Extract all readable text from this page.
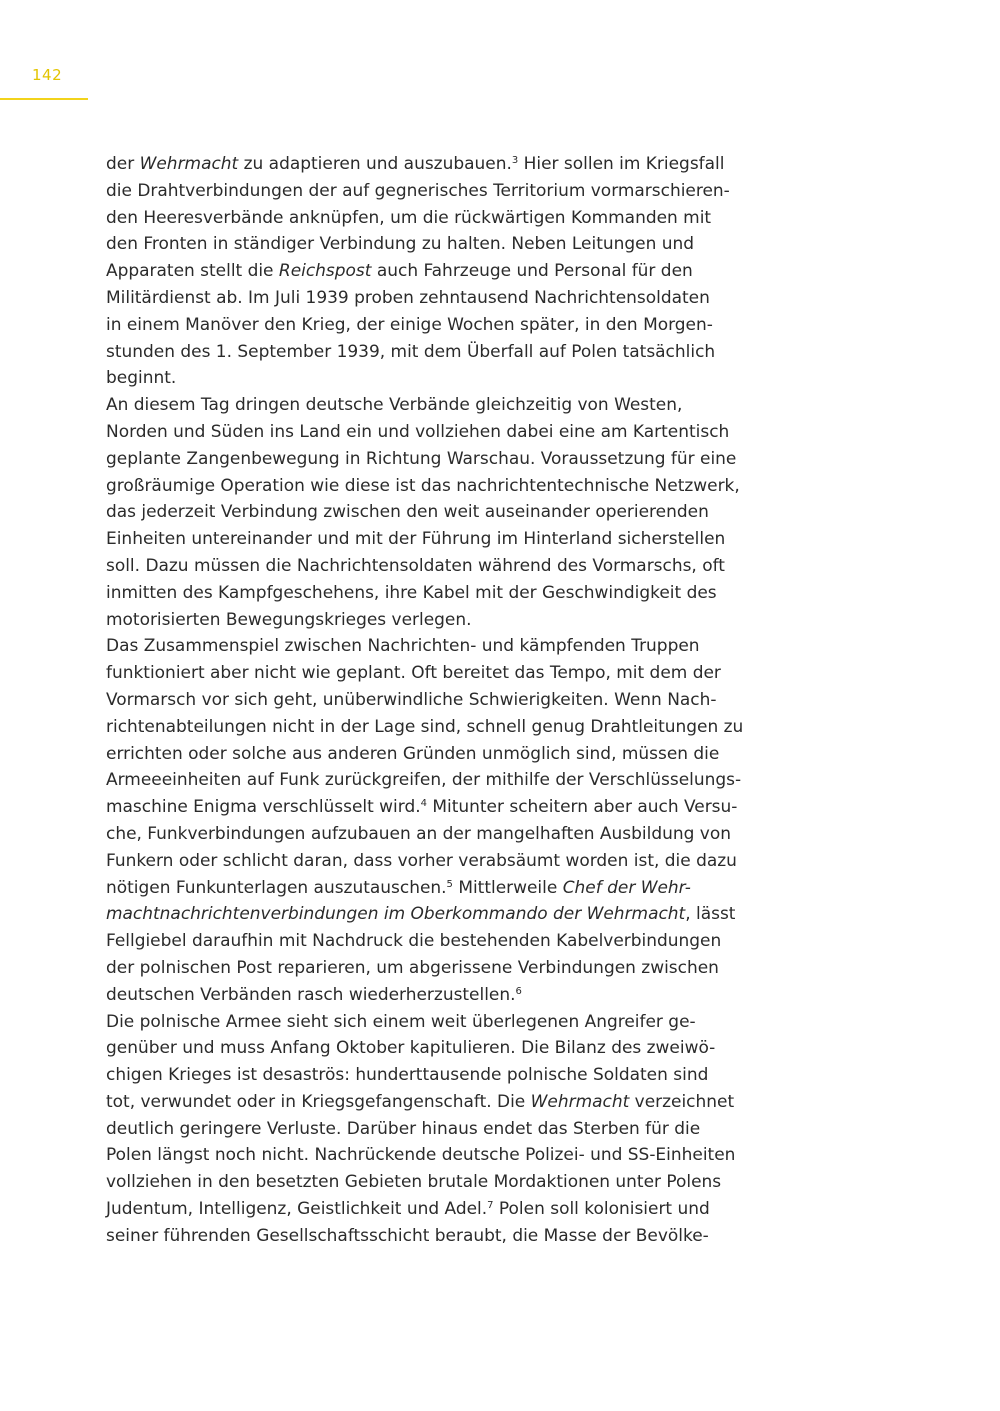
142
der Wehrmacht zu adaptieren und auszubauen.$^3$ Hier sollen im Kriegsfall
die Drahtverbindungen der auf gegnerisches Territorium vormarschieren-
den Heeresverbände anknüpfen, um die rückwärtigen Kommanden mit
den Fronten in ständiger Verbindung zu halten. Neben Leitungen und
Apparaten stellt die Reichspost auch Fahrzeuge und Personal für den
Militärdienst ab. Im Juli 1939 proben zehntausend Nachrichtensoldaten
in einem Manöver den Krieg, der einige Wochen später, in den Morgen-
stunden des 1. September 1939, mit dem Überfall auf Polen tatsächlich
beginnt.
An diesem Tag dringen deutsche Verbände gleichzeitig von Westen,
Norden und Süden ins Land ein und vollziehen dabei eine am Kartentisch
geplante Zangenbewegung in Richtung Warschau. Voraussetzung für eine
großräumige Operation wie diese ist das nachrichtentechnische Netzwerk,
das jederzeit Verbindung zwischen den weit auseinander operierenden
Einheiten untereinander und mit der Führung im Hinterland sicherstellen
soll. Dazu müssen die Nachrichtensoldaten während des Vormarschs, oft
inmitten des Kampfgeschehens, ihre Kabel mit der Geschwindigkeit des
motorisierten Bewegungskrieges verlegen.
Das Zusammenspiel zwischen Nachrichten- und kämpfenden Truppen
funktioniert aber nicht wie geplant. Oft bereitet das Tempo, mit dem der
Vormarsch vor sich geht, unüberwindliche Schwierigkeiten. Wenn Nach-
richtenabteilungen nicht in der Lage sind, schnell genug Drahtleitungen zu
errichten oder solche aus anderen Gründen unmöglich sind, müssen die
Armeeeinheiten auf Funk zurückgreifen, der mithilfe der Verschlüsselungs-
maschine Enigma verschlüsselt wird.$^4$ Mitunter scheitern aber auch Versu-
che, Funkverbindungen aufzubauen an der mangelhaften Ausbildung von
Funkern oder schlicht daran, dass vorher verabsäumt worden ist, die dazu
nötigen Funkunterlagen auszutauschen.$^5$ Mittlerweile Chef der Wehr-
machtnachrichtenverbindungen im Oberkommando der Wehrmacht, lässt
Fellgiebel daraufhin mit Nachdruck die bestehenden Kabelverbindungen
der polnischen Post reparieren, um abgerissene Verbindungen zwischen
deutschen Verbänden rasch wiederherzustellen.$^6$
Die polnische Armee sieht sich einem weit überlegenen Angreifer ge-
genüber und muss Anfang Oktober kapitulieren. Die Bilanz des zweiwö-
chigen Krieges ist desaströs: hunderttausende polnische Soldaten sind
tot, verwundet oder in Kriegsgefangenschaft. Die Wehrmacht verzeichnet
deutlich geringere Verluste. Darüber hinaus endet das Sterben für die
Polen längst noch nicht. Nachrückende deutsche Polizei- und SS-Einheiten
vollziehen in den besetzten Gebieten brutale Mordaktionen unter Polens
Judentum, Intelligenz, Geistlichkeit und Adel.$^7$ Polen soll kolonisiert und
seiner führenden Gesellschaftsschicht beraubt, die Masse der Bevölke-
